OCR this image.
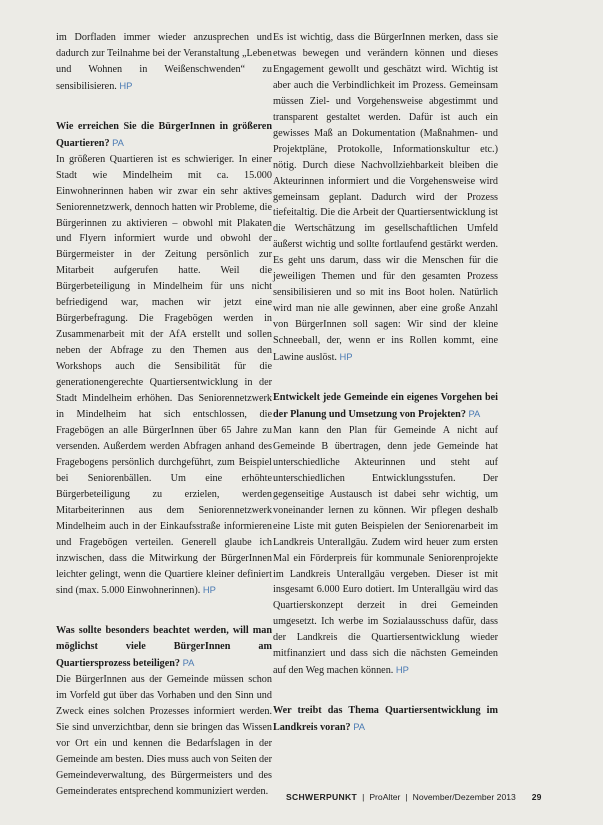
im Dorfladen immer wieder anzusprechen und dadurch zur Teilnahme bei der Veranstaltung „Leben und Wohnen in Weißenschwenden“ zu sensibilisieren. HP

Wie erreichen Sie die BürgerInnen in größeren Quartieren? PA

In größeren Quartieren ist es schwieriger. In einer Stadt wie Mindelheim mit ca. 15.000 Einwohnerinnen haben wir zwar ein sehr aktives Seniorennetzwerk, dennoch hatten wir Probleme, die Bürgerinnen zu aktivieren – obwohl mit Plakaten und Flyern informiert wurde und obwohl der Bürgermeister in der Zeitung persönlich zur Mitarbeit aufgerufen hatte. Weil die Bürgerbeteiligung in Mindelheim für uns nicht befriedigend war, machen wir jetzt eine Bürgerbefragung. Die Fragebögen werden in Zusammenarbeit mit der AfA erstellt und sollen neben der Abfrage zu den Themen aus den Workshops auch die Sensibilität für die generationengerechte Quartiersentwicklung in der Stadt Mindelheim erhöhen. Das Seniorennetzwerk in Mindelheim hat sich entschlossen, die Fragebögen an alle BürgerInnen über 65 Jahre zu versenden. Außerdem werden Abfragen anhand des Fragebogens persönlich durchgeführt, zum Beispiel bei Seniorenbällen. Um eine erhöhte Bürgerbeteiligung zu erzielen, werden Mitarbeiterinnen aus dem Seniorennetzwerk Mindelheim auch in der Einkaufsstraße informieren und Fragebögen verteilen. Generell glaube ich inzwischen, dass die Mitwirkung der BürgerInnen leichter gelingt, wenn die Quartiere kleiner definiert sind (max. 5.000 Einwohnerinnen). HP

Was sollte besonders beachtet werden, will man möglichst viele BürgerInnen am Quartiersprozess beteiligen? PA

Die BürgerInnen aus der Gemeinde müssen schon im Vorfeld gut über das Vorhaben und den Sinn und Zweck eines solchen Prozesses informiert werden. Sie sind unverzichtbar, denn sie bringen das Wissen vor Ort ein und kennen die Bedarfslagen in der Gemeinde am besten. Dies muss auch von Seiten der Gemeindeverwaltung, des Bürgermeisters und des Gemeinderates entsprechend kommuniziert werden.

Es ist wichtig, dass die BürgerInnen merken, dass sie etwas bewegen und verändern können und dieses Engagement gewollt und geschätzt wird. Wichtig ist aber auch die Verbindlichkeit im Prozess. Gemeinsam müssen Ziel- und Vorgehensweise abgestimmt und transparent gestaltet werden. Dafür ist auch ein gewisses Maß an Dokumentation (Maßnahmen- und Projektpläne, Protokolle, Informationskultur etc.) nötig. Durch diese Nachvollziehbarkeit bleiben die Akteurinnen informiert und die Vorgehensweise wird gemeinsam geplant. Dadurch wird der Prozess tiefeitaltig. Die die Arbeit der Quartiersentwicklung ist die Wertschätzung im gesellschaftlichen Umfeld äußerst wichtig und sollte fortlaufend gestärkt werden. Es geht uns darum, dass wir die Menschen für die jeweiligen Themen und für den gesamten Prozess sensibilisieren und so mit ins Boot holen. Natürlich wird man nie alle gewinnen, aber eine große Anzahl von BürgerInnen soll sagen: Wir sind der kleine Schneeball, der, wenn er ins Rollen kommt, eine Lawine auslöst. HP

Entwickelt jede Gemeinde ein eigenes Vorgehen bei der Planung und Umsetzung von Projekten? PA

Man kann den Plan für Gemeinde A nicht auf Gemeinde B übertragen, denn jede Gemeinde hat unterschiedliche Akteurinnen und steht auf unterschiedlichen Entwicklungsstufen. Der gegenseitige Austausch ist dabei sehr wichtig, um voneinander lernen zu können. Wir pflegen deshalb eine Liste mit guten Beispielen der Seniorenarbeit im Landkreis Unterallgäu. Zudem wird heuer zum ersten Mal ein Förderpreis für kommunale Seniorenprojekte im Landkreis Unterallgäu vergeben. Dieser ist mit insgesamt 6.000 Euro dotiert. Im Unterallgäu wird das Quartierskonzept derzeit in drei Gemeinden umgesetzt. Ich werbe im Sozialausschuss dafür, dass der Landkreis die Quartiersentwicklung wieder mitfinanziert und dass sich die nächsten Gemeinden auf den Weg machen können. HP

Wer treibt das Thema Quartiersentwicklung im Landkreis voran? PA

SCHWERPUNKT | ProAlter | November/Dezember 2013 29
